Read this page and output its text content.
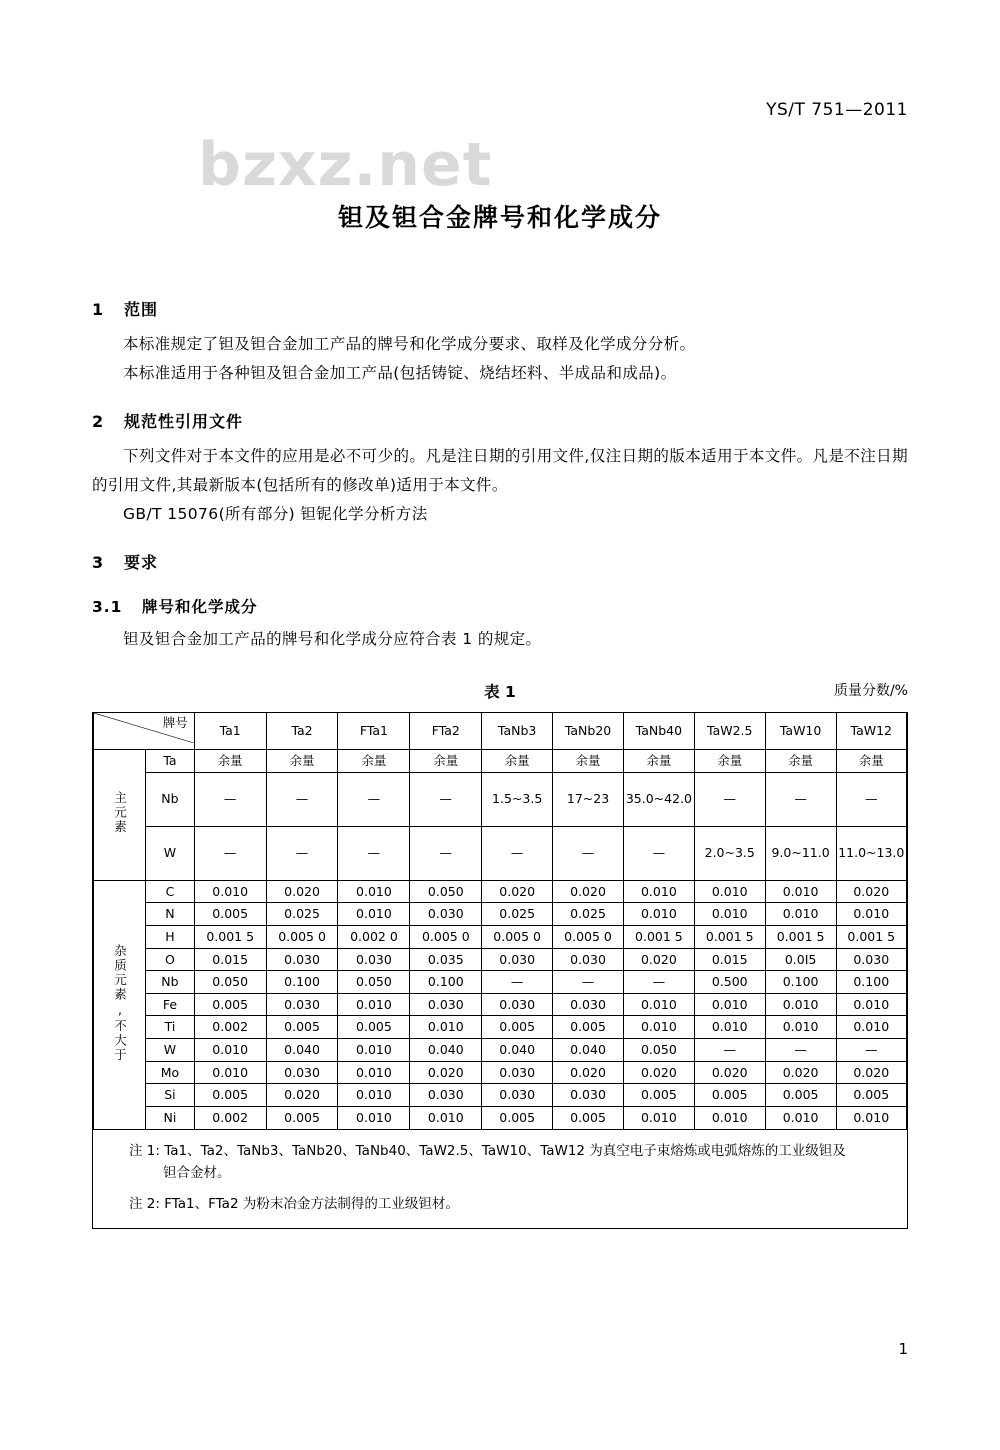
bzxz.net
YS/T 751—2011
钽及钽合金牌号和化学成分
1 范围

本标准规定了钽及钽合金加工产品的牌号和化学成分要求、取样及化学成分分析。

本标准适用于各种钽及钽合金加工产品(包括铸锭、烧结坯料、半成品和成品)。

2 规范性引用文件

下列文件对于本文件的应用是必不可少的。凡是注日期的引用文件,仅注日期的版本适用于本文件。凡是不注日期的引用文件,其最新版本(包括所有的修改单)适用于本文件。

GB/T 15076(所有部分) 钽铌化学分析方法

3 要求
3.1 牌号和化学成分

钽及钽合金加工产品的牌号和化学成分应符合表 1 的规定。

表 1	质量分数/%
牌号		Ta1	Ta2	FTa1	FTa2	TaNb3	TaNb20	TaNb40	TaW2.5	TaW10	TaW12
主元素	Ta	余量	余量	余量	余量	余量	余量	余量	余量	余量	余量
	Nb	—	—	—	—	1.5~3.5	17~23	35.0~42.0	—	—	—
	W	—	—	—	—	—	—	—	2.0~3.5	9.0~11.0	11.0~13.0
杂质元素,不大于	C	0.010	0.020	0.010	0.050	0.020	0.020	0.010	0.010	0.010	0.020
	N	0.005	0.025	0.010	0.030	0.025	0.025	0.010	0.010	0.010	0.010
	H	0.001 5	0.005 0	0.002 0	0.005 0	0.005 0	0.005 0	0.001 5	0.001 5	0.001 5	0.001 5
	O	0.015	0.030	0.030	0.035	0.030	0.030	0.020	0.015	0.0I5	0.030
	Nb	0.050	0.100	0.050	0.100	—	—	—	0.500	0.100	0.100
	Fe	0.005	0.030	0.010	0.030	0.030	0.030	0.010	0.010	0.010	0.010
	Ti	0.002	0.005	0.005	0.010	0.005	0.005	0.010	0.010	0.010	0.010
	W	0.010	0.040	0.010	0.040	0.040	0.040	0.050	—	—	—
	Mo	0.010	0.030	0.010	0.020	0.030	0.020	0.020	0.020	0.020	0.020
	Si	0.005	0.020	0.010	0.030	0.030	0.030	0.005	0.005	0.005	0.005
	Ni	0.002	0.005	0.010	0.010	0.005	0.005	0.010	0.010	0.010	0.010
注 1: Ta1、Ta2、TaNb3、TaNb20、TaNb40、TaW2.5、TaW10、TaW12 为真空电子束熔炼或电弧熔炼的工业级钽及
钽合金材。
注 2: FTa1、FTa2 为粉末冶金方法制得的工业级钽材。
1
